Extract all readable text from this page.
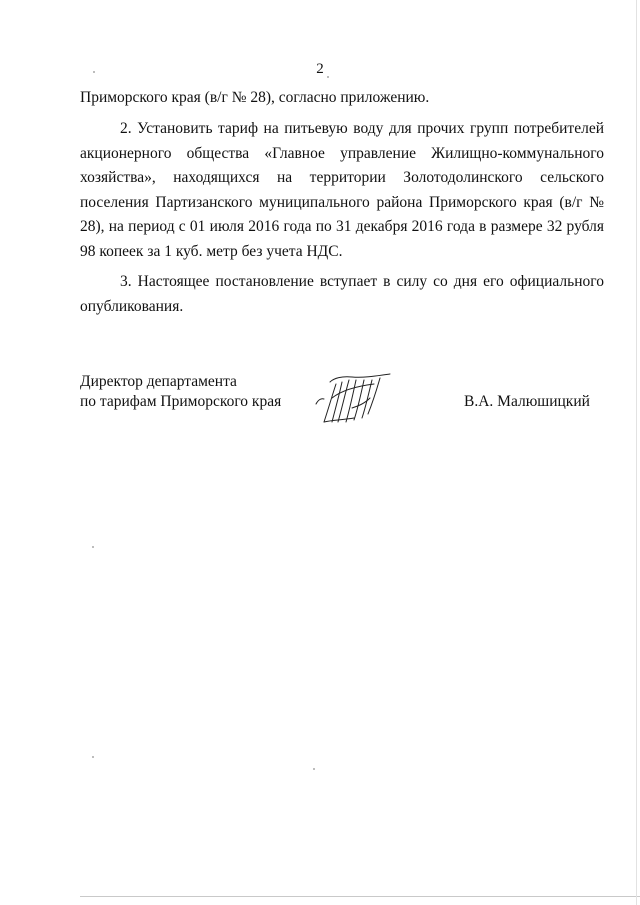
2
Приморского края (в/г № 28), согласно приложению.
2. Установить тариф на питьевую воду для прочих групп потребителей акционерного общества «Главное управление Жилищно-коммунального хозяйства», находящихся на территории Золотодолинского сельского поселения Партизанского муниципального района Приморского края (в/г № 28), на период с 01 июля 2016 года по 31 декабря 2016 года в размере 32 рубля 98 копеек за 1 куб. метр без учета НДС.
3. Настоящее постановление вступает в силу со дня его официального опубликования.
Директор департамента
по тарифам Приморского края	В.А. Малюшицкий
